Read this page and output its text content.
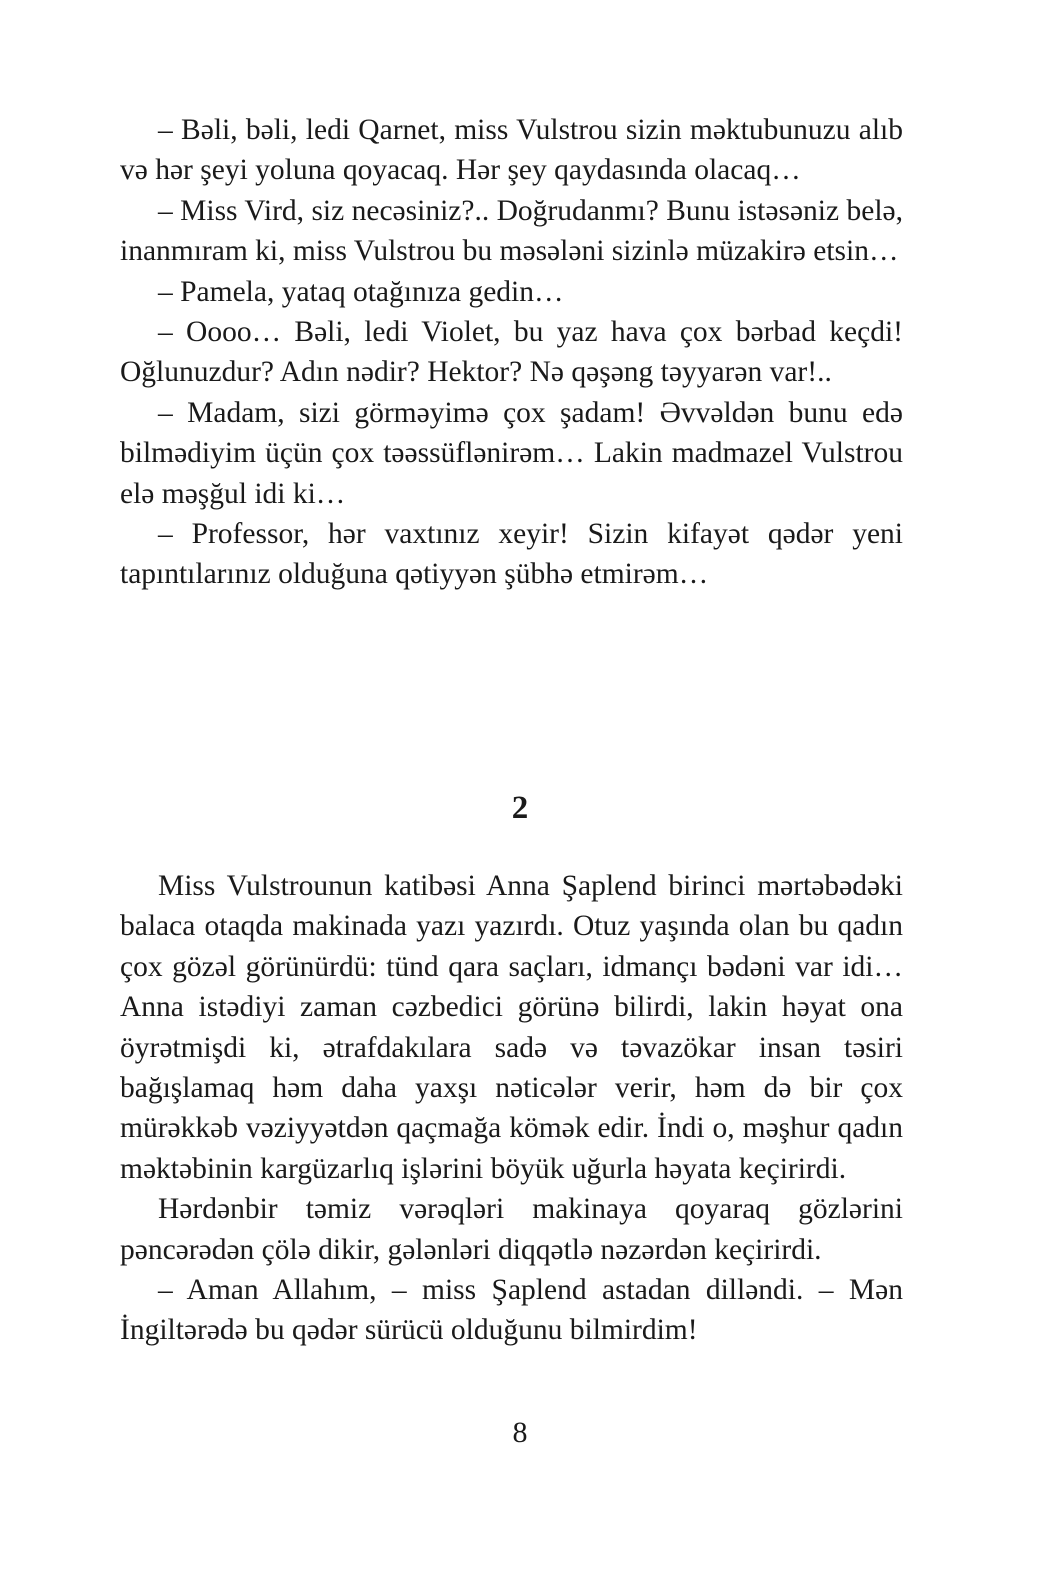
– Bəli, bəli, ledi Qarnet, miss Vulstrou sizin məktubunuzu alıb və hər şeyi yoluna qoyacaq. Hər şey qaydasında olacaq…

– Miss Vird, siz necəsiniz?.. Doğrudanmı? Bunu istəsəniz belə, inanmıram ki, miss Vulstrou bu məsələni sizinlə müzakirə etsin…

– Pamela, yataq otağınıza gedin…

– Oooo… Bəli, ledi Violet, bu yaz hava çox bərbad keçdi! Oğlunuzdur? Adın nədir? Hektor? Nə qəşəng təyyarən var!..

– Madam, sizi görməyimə çox şadam! Əvvəldən bunu edə bilmədiyim üçün çox təəssüflənirəm… Lakin madmazel Vulstrou elə məşğul idi ki…

– Professor, hər vaxtınız xeyir! Sizin kifayət qədər yeni tapıntılarınız olduğuna qətiyyən şübhə etmirəm…

2

Miss Vulstrounun katibəsi Anna Şaplend birinci mərtəbədəki balaca otaqda makinada yazı yazırdı. Otuz yaşında olan bu qadın çox gözəl görünürdü: tünd qara saçları, idmançı bədəni var idi… Anna istədiyi zaman cəzbedici görünə bilirdi, lakin həyat ona öyrətmişdi ki, ətrafdakılara sadə və təvazökar insan təsiri bağışlamaq həm daha yaxşı nəticələr verir, həm də bir çox mürəkkəb vəziyyətdən qaçmağa kömək edir. İndi o, məşhur qadın məktəbinin kargüzarlıq işlərini böyük uğurla həyata keçirirdi.

Hərdənbir təmiz vərəqləri makinaya qoyaraq gözlərini pəncərədən çölə dikir, gələnləri diqqətlə nəzərdən keçirirdi.

– Aman Allahım, – miss Şaplend astadan dilləndi. – Mən İngiltərədə bu qədər sürücü olduğunu bilmirdim!

8
